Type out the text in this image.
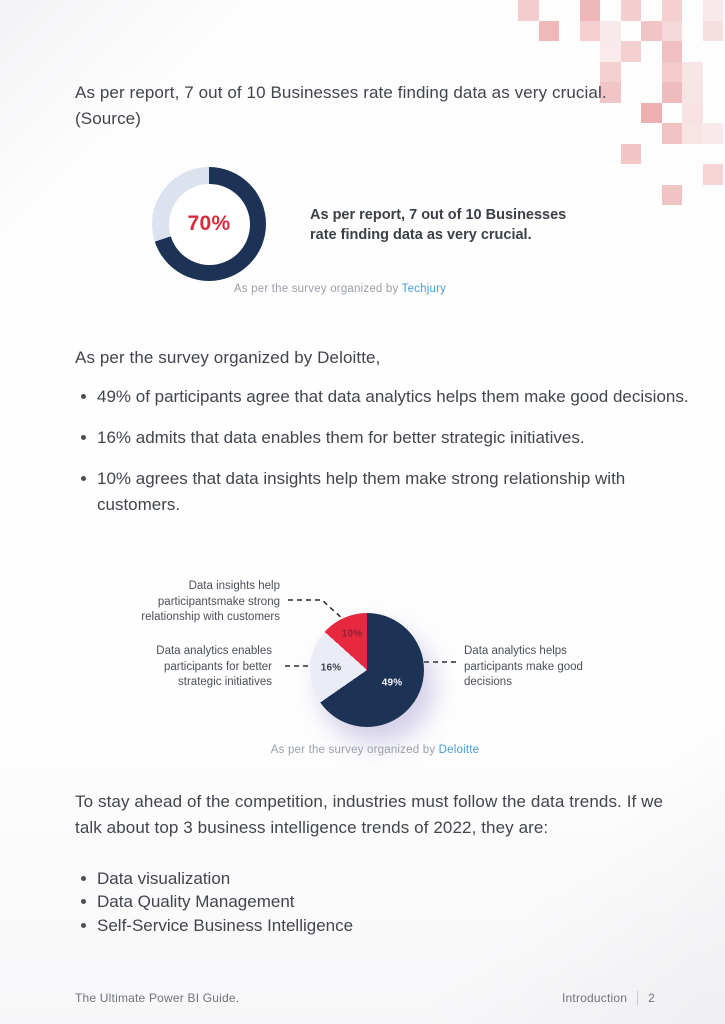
As per report, 7 out of 10 Businesses rate finding data as very crucial.
(Source)
70%	As per report, 7 out of 10 Businesses
rate finding data as very crucial.
As per the survey organized by Techjury
As per the survey organized by Deloitte,
49% of participants agree that data analytics helps them make good decisions.
16% admits that data enables them for better strategic initiatives.
10% agrees that data insights help them make strong relationship with customers.
Data insights help
participantsmake strong
relationship with customers
Data analytics enables
participants for better
strategic initiatives
Data analytics helps
participants make good
decisions
49%
16%
10%
As per the survey organized by Deloitte
To stay ahead of the competition, industries must follow the data trends. If we talk about top 3 business intelligence trends of 2022, they are:
Data visualization
Data Quality Management
Self-Service Business Intelligence
The Ultimate Power BI Guide.	Introduction 2
